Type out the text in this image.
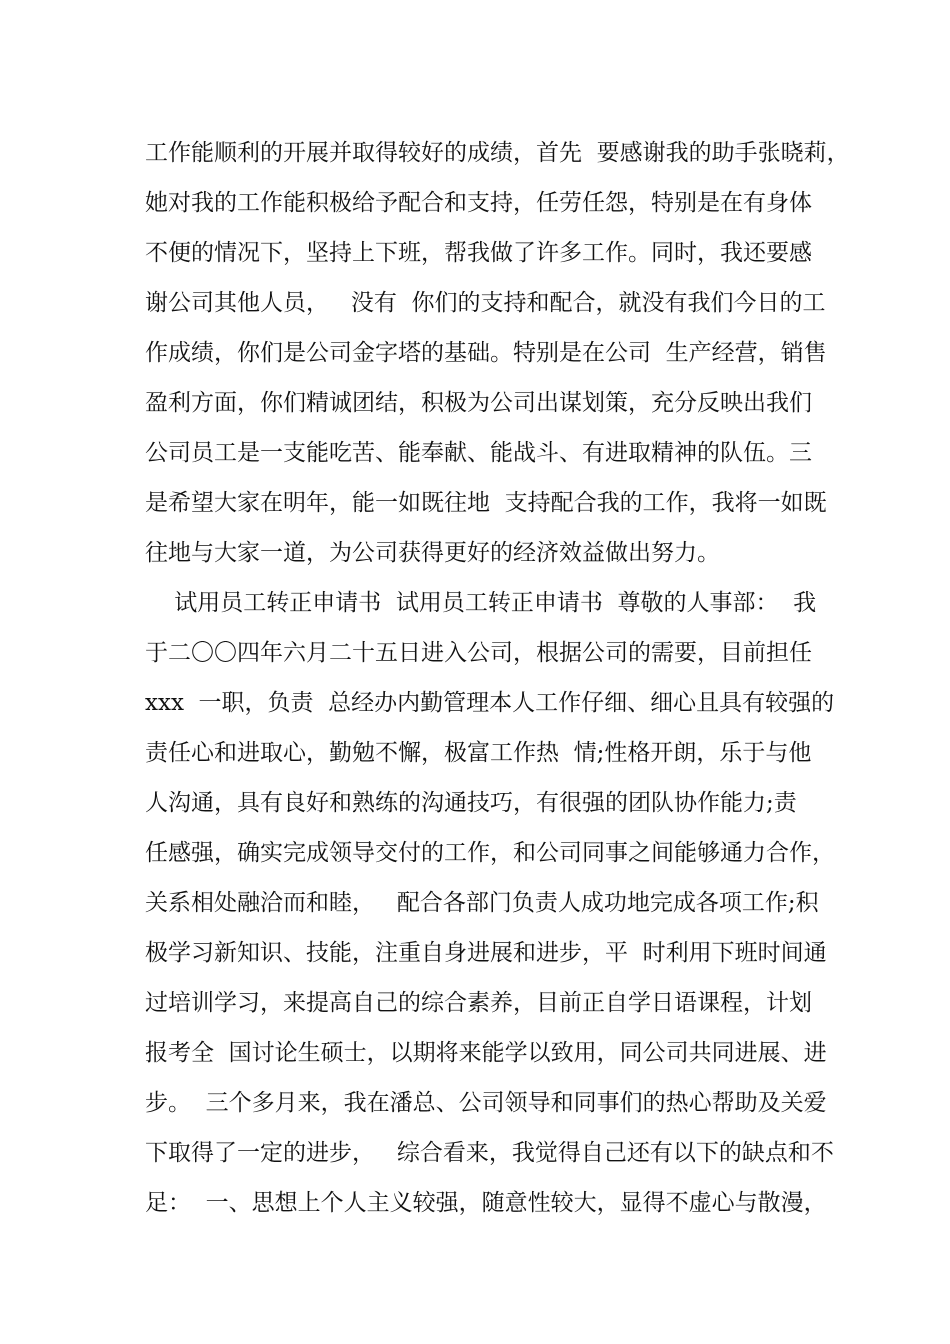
工作能顺利的开展并取得较好的成绩，首先  要感谢我的助手张晓莉，
她对我的工作能积极给予配合和支持，任劳任怨，特别是在有身体
不便的情况下，坚持上下班，帮我做了许多工作。同时，我还要感
谢公司其他人员，   没有  你们的支持和配合，就没有我们今日的工
作成绩，你们是公司金字塔的基础。特别是在公司  生产经营，销售
盈利方面，你们精诚团结，积极为公司出谋划策，充分反映出我们
公司员工是一支能吃苦、能奉献、能战斗、有进取精神的队伍。三
是希望大家在明年，能一如既往地  支持配合我的工作，我将一如既
往地与大家一道，为公司获得更好的经济效益做出努力。
试用员工转正申请书  试用员工转正申请书  尊敬的人事部：  我
于二〇〇四年六月二十五日进入公司，根据公司的需要，目前担任
xxx  一职，负责  总经办内勤管理本人工作仔细、细心且具有较强的
责任心和进取心，勤勉不懈，极富工作热  情;性格开朗，乐于与他
人沟通，具有良好和熟练的沟通技巧，有很强的团队协作能力;责
任感强，确实完成领导交付的工作，和公司同事之间能够通力合作，
关系相处融洽而和睦，   配合各部门负责人成功地完成各项工作;积
极学习新知识、技能，注重自身进展和进步，平  时利用下班时间通
过培训学习，来提高自己的综合素养，目前正自学日语课程，计划
报考全  国讨论生硕士，以期将来能学以致用，同公司共同进展、进
步。  三个多月来，我在潘总、公司领导和同事们的热心帮助及关爱
下取得了一定的进步，   综合看来，我觉得自己还有以下的缺点和不
足：  一、思想上个人主义较强，随意性较大，显得不虚心与散漫，
